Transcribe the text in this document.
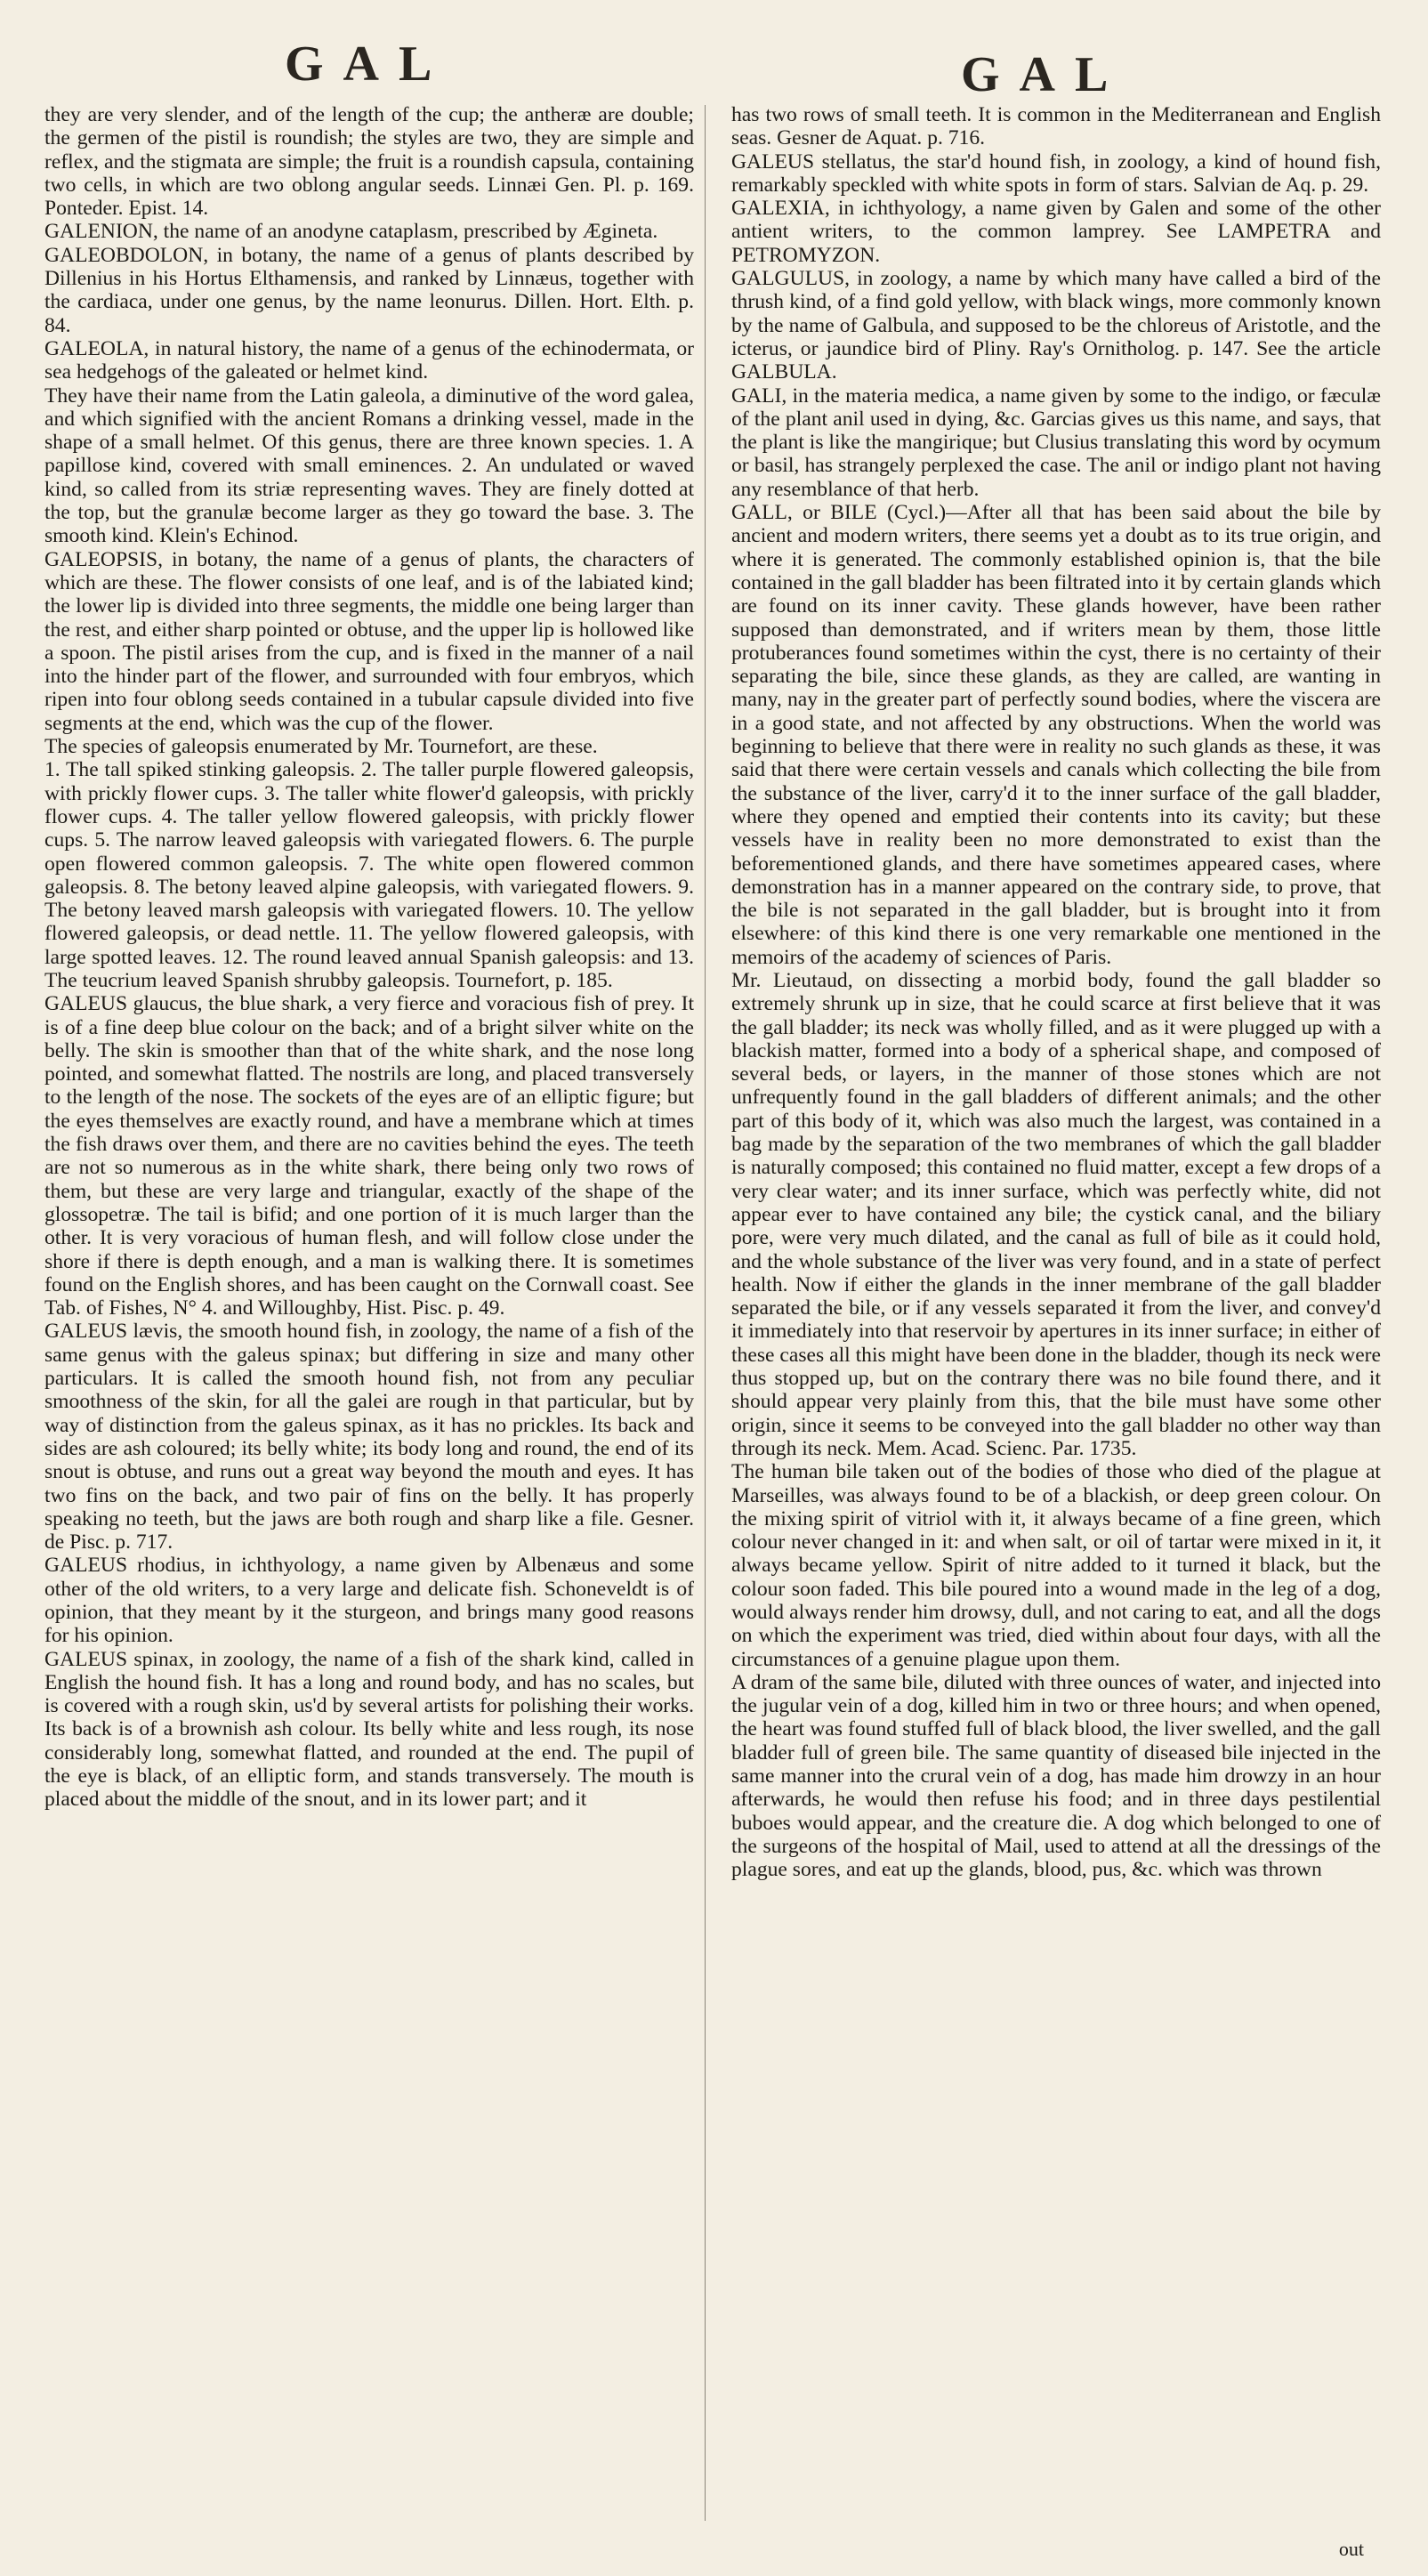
GAL	GAL

they are very slender, and of the length of the cup; the antheræ are double; the germen of the pistil is roundish; the styles are two, they are simple and reflex, and the stigmata are simple; the fruit is a roundish capsula, containing two cells, in which are two oblong angular seeds. Linnæi Gen. Pl. p. 169. Ponteder. Epist. 14.

GALENION, the name of an anodyne cataplasm, prescribed by Ægineta.

GALEOBDOLON, in botany, the name of a genus of plants described by Dillenius in his Hortus Elthamensis, and ranked by Linnæus, together with the cardiaca, under one genus, by the name leonurus. Dillen. Hort. Elth. p. 84.

GALEOLA, in natural history, the name of a genus of the echinodermata, or sea hedgehogs of the galeated or helmet kind.

They have their name from the Latin galeola, a diminutive of the word galea, and which signified with the ancient Romans a drinking vessel, made in the shape of a small helmet. Of this genus, there are three known species. 1. A papillose kind, covered with small eminences. 2. An undulated or waved kind, so called from its striæ representing waves. They are finely dotted at the top, but the granulæ become larger as they go toward the base. 3. The smooth kind. Klein's Echinod.

GALEOPSIS, in botany, the name of a genus of plants, the characters of which are these. The flower consists of one leaf, and is of the labiated kind; the lower lip is divided into three segments, the middle one being larger than the rest, and either sharp pointed or obtuse, and the upper lip is hollowed like a spoon. The pistil arises from the cup, and is fixed in the manner of a nail into the hinder part of the flower, and surrounded with four embryos, which ripen into four oblong seeds contained in a tubular capsule divided into five segments at the end, which was the cup of the flower.

The species of galeopsis enumerated by Mr. Tournefort, are these.

1. The tall spiked stinking galeopsis. 2. The taller purple flowered galeopsis, with prickly flower cups. 3. The taller white flower'd galeopsis, with prickly flower cups. 4. The taller yellow flowered galeopsis, with prickly flower cups. 5. The narrow leaved galeopsis with variegated flowers. 6. The purple open flowered common galeopsis. 7. The white open flowered common galeopsis. 8. The betony leaved alpine galeopsis, with variegated flowers. 9. The betony leaved marsh galeopsis with variegated flowers. 10. The yellow flowered galeopsis, or dead nettle. 11. The yellow flowered galeopsis, with large spotted leaves. 12. The round leaved annual Spanish galeopsis: and 13. The teucrium leaved Spanish shrubby galeopsis. Tournefort, p. 185.

GALEUS glaucus, the blue shark, a very fierce and voracious fish of prey. It is of a fine deep blue colour on the back; and of a bright silver white on the belly. The skin is smoother than that of the white shark, and the nose long pointed, and somewhat flatted. The nostrils are long, and placed transversely to the length of the nose. The sockets of the eyes are of an elliptic figure; but the eyes themselves are exactly round, and have a membrane which at times the fish draws over them, and there are no cavities behind the eyes. The teeth are not so numerous as in the white shark, there being only two rows of them, but these are very large and triangular, exactly of the shape of the glossopetræ. The tail is bifid; and one portion of it is much larger than the other. It is very voracious of human flesh, and will follow close under the shore if there is depth enough, and a man is walking there. It is sometimes found on the English shores, and has been caught on the Cornwall coast. See Tab. of Fishes, N° 4. and Willoughby, Hist. Pisc. p. 49.

GALEUS lævis, the smooth hound fish, in zoology, the name of a fish of the same genus with the galeus spinax; but differing in size and many other particulars. It is called the smooth hound fish, not from any peculiar smoothness of the skin, for all the galei are rough in that particular, but by way of distinction from the galeus spinax, as it has no prickles. Its back and sides are ash coloured; its belly white; its body long and round, the end of its snout is obtuse, and runs out a great way beyond the mouth and eyes. It has two fins on the back, and two pair of fins on the belly. It has properly speaking no teeth, but the jaws are both rough and sharp like a file. Gesner. de Pisc. p. 717.

GALEUS rhodius, in ichthyology, a name given by Albenæus and some other of the old writers, to a very large and delicate fish. Schoneveldt is of opinion, that they meant by it the sturgeon, and brings many good reasons for his opinion.

GALEUS spinax, in zoology, the name of a fish of the shark kind, called in English the hound fish. It has a long and round body, and has no scales, but is covered with a rough skin, us'd by several artists for polishing their works. Its back is of a brownish ash colour. Its belly white and less rough, its nose considerably long, somewhat flatted, and rounded at the end. The pupil of the eye is black, of an elliptic form, and stands transversely. The mouth is placed about the middle of the snout, and in its lower part; and it

has two rows of small teeth. It is common in the Mediterranean and English seas. Gesner de Aquat. p. 716.

GALEUS stellatus, the star'd hound fish, in zoology, a kind of hound fish, remarkably speckled with white spots in form of stars. Salvian de Aq. p. 29.

GALEXIA, in ichthyology, a name given by Galen and some of the other antient writers, to the common lamprey. See LAMPETRA and PETROMYZON.

GALGULUS, in zoology, a name by which many have called a bird of the thrush kind, of a find gold yellow, with black wings, more commonly known by the name of Galbula, and supposed to be the chloreus of Aristotle, and the icterus, or jaundice bird of Pliny. Ray's Ornitholog. p. 147. See the article GALBULA.

GALI, in the materia medica, a name given by some to the indigo, or fæculæ of the plant anil used in dying, &c. Garcias gives us this name, and says, that the plant is like the mangirique; but Clusius translating this word by ocymum or basil, has strangely perplexed the case. The anil or indigo plant not having any resemblance of that herb.

GALL, or BILE (Cycl.)—After all that has been said about the bile by ancient and modern writers, there seems yet a doubt as to its true origin, and where it is generated. The commonly established opinion is, that the bile contained in the gall bladder has been filtrated into it by certain glands which are found on its inner cavity. These glands however, have been rather supposed than demonstrated, and if writers mean by them, those little protuberances found sometimes within the cyst, there is no certainty of their separating the bile, since these glands, as they are called, are wanting in many, nay in the greater part of perfectly sound bodies, where the viscera are in a good state, and not affected by any obstructions. When the world was beginning to believe that there were in reality no such glands as these, it was said that there were certain vessels and canals which collecting the bile from the substance of the liver, carry'd it to the inner surface of the gall bladder, where they opened and emptied their contents into its cavity; but these vessels have in reality been no more demonstrated to exist than the beforementioned glands, and there have sometimes appeared cases, where demonstration has in a manner appeared on the contrary side, to prove, that the bile is not separated in the gall bladder, but is brought into it from elsewhere: of this kind there is one very remarkable one mentioned in the memoirs of the academy of sciences of Paris.

Mr. Lieutaud, on dissecting a morbid body, found the gall bladder so extremely shrunk up in size, that he could scarce at first believe that it was the gall bladder; its neck was wholly filled, and as it were plugged up with a blackish matter, formed into a body of a spherical shape, and composed of several beds, or layers, in the manner of those stones which are not unfrequently found in the gall bladders of different animals; and the other part of this body of it, which was also much the largest, was contained in a bag made by the separation of the two membranes of which the gall bladder is naturally composed; this contained no fluid matter, except a few drops of a very clear water; and its inner surface, which was perfectly white, did not appear ever to have contained any bile; the cystick canal, and the biliary pore, were very much dilated, and the canal as full of bile as it could hold, and the whole substance of the liver was very found, and in a state of perfect health. Now if either the glands in the inner membrane of the gall bladder separated the bile, or if any vessels separated it from the liver, and convey'd it immediately into that reservoir by apertures in its inner surface; in either of these cases all this might have been done in the bladder, though its neck were thus stopped up, but on the contrary there was no bile found there, and it should appear very plainly from this, that the bile must have some other origin, since it seems to be conveyed into the gall bladder no other way than through its neck. Mem. Acad. Scienc. Par. 1735.

The human bile taken out of the bodies of those who died of the plague at Marseilles, was always found to be of a blackish, or deep green colour. On the mixing spirit of vitriol with it, it always became of a fine green, which colour never changed in it: and when salt, or oil of tartar were mixed in it, it always became yellow. Spirit of nitre added to it turned it black, but the colour soon faded. This bile poured into a wound made in the leg of a dog, would always render him drowsy, dull, and not caring to eat, and all the dogs on which the experiment was tried, died within about four days, with all the circumstances of a genuine plague upon them.

A dram of the same bile, diluted with three ounces of water, and injected into the jugular vein of a dog, killed him in two or three hours; and when opened, the heart was found stuffed full of black blood, the liver swelled, and the gall bladder full of green bile. The same quantity of diseased bile injected in the same manner into the crural vein of a dog, has made him drowzy in an hour afterwards, he would then refuse his food; and in three days pestilential buboes would appear, and the creature die. A dog which belonged to one of the surgeons of the hospital of Mail, used to attend at all the dressings of the plague sores, and eat up the glands, blood, pus, &c. which was thrown

out
